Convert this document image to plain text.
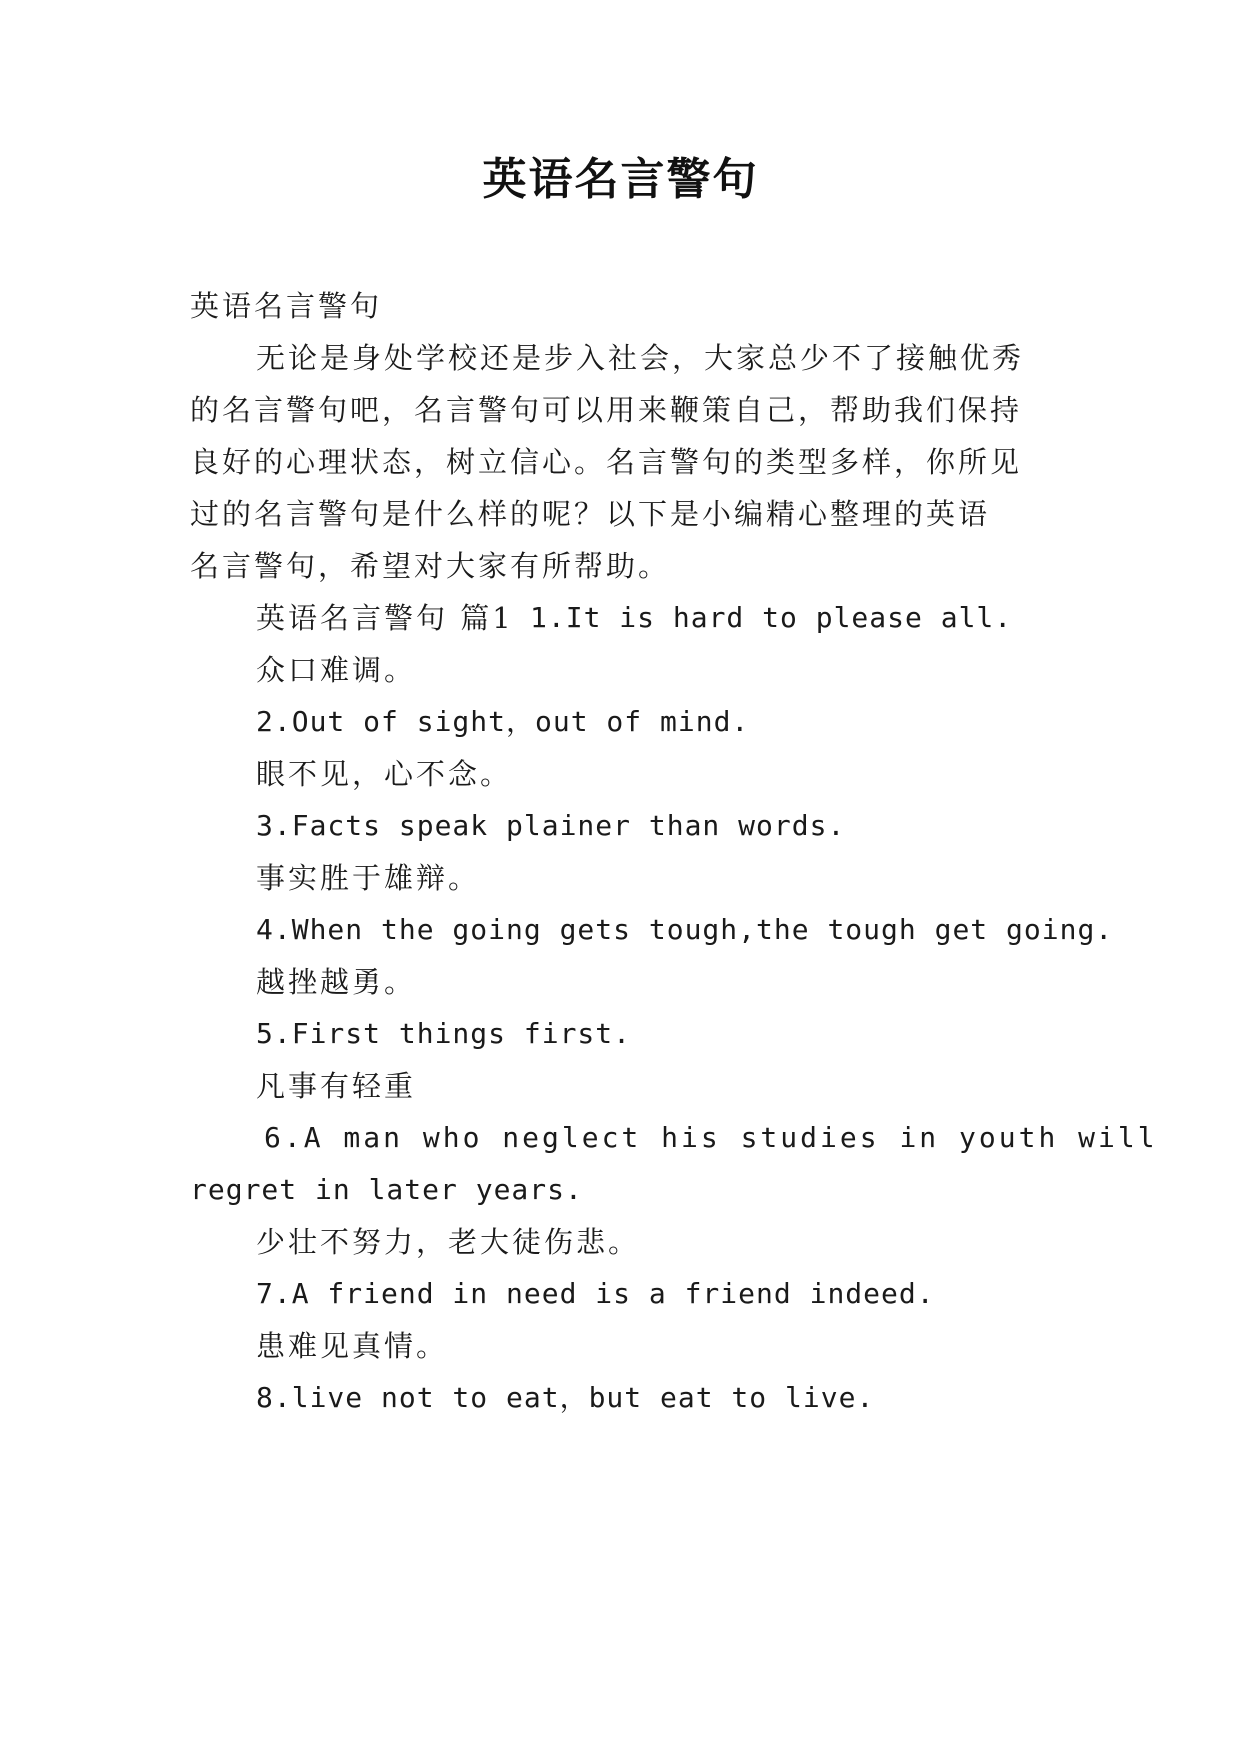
英语名言警句
英语名言警句
无论是身处学校还是步入社会，大家总少不了接触优秀
的名言警句吧，名言警句可以用来鞭策自己，帮助我们保持
良好的心理状态，树立信心。名言警句的类型多样，你所见
过的名言警句是什么样的呢？以下是小编精心整理的英语
名言警句，希望对大家有所帮助。
英语名言警句 篇1 1.It is hard to please all.
众口难调。
2.Out of sight，out of mind.
眼不见，心不念。
3.Facts speak plainer than words.
事实胜于雄辩。
4.When the going gets tough,the tough get going.
越挫越勇。
5.First things first.
凡事有轻重
6.A man who neglect his studies in youth will
regret in later years.
少壮不努力，老大徒伤悲。
7.A friend in need is a friend indeed.
患难见真情。
8.live not to eat，but eat to live.
